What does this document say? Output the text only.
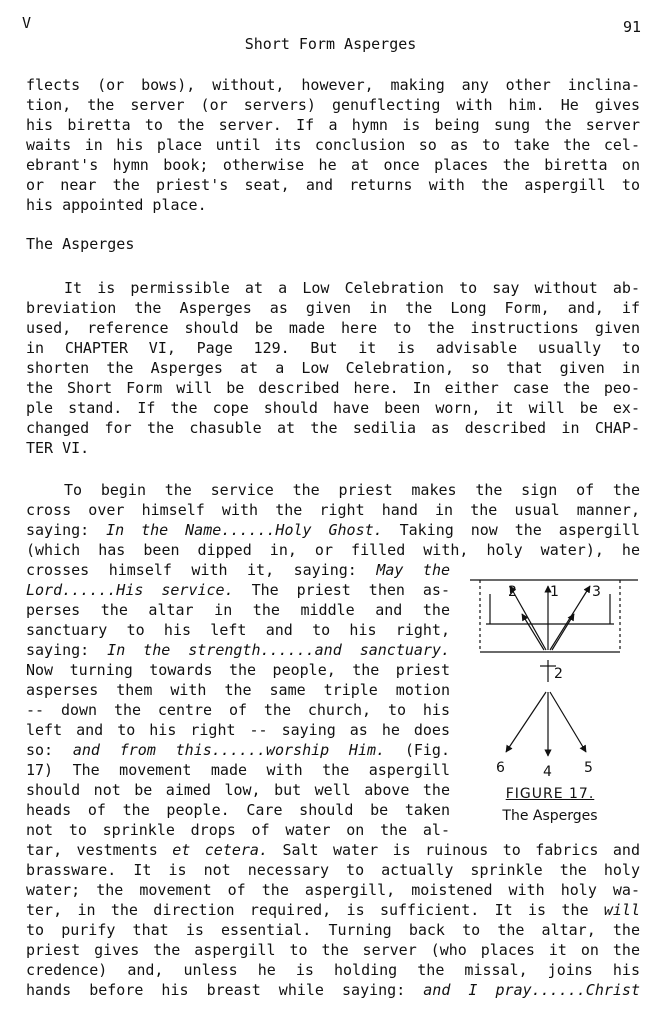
V	91
Short Form Asperges
flects (or bows), without, however, making any other inclina-
tion, the server (or servers) genuflecting with him. He gives
his biretta to the server. If a hymn is being sung the server
waits in his place until its conclusion so as to take the cel-
ebrant's hymn book; otherwise he at once places the biretta on
or near the priest's seat, and returns with the aspergill to
his appointed place.
The Asperges
It is permissible at a Low Celebration to say without ab-
breviation the Asperges as given in the Long Form, and, if
used, reference should be made here to the instructions given
in CHAPTER VI, Page 129. But it is advisable usually to
shorten the Asperges at a Low Celebration, so that given in
the Short Form will be described here. In either case the peo-
ple stand. If the cope should have been worn, it will be ex-
changed for the chasuble at the sedilia as described in CHAP-
TER VI.
To begin the service the priest makes the sign of the
cross over himself with the right hand in the usual manner,
saying: In the Name......Holy Ghost. Taking now the aspergill
(which has been dipped in, or filled with, holy water), he
crosses himself with it, saying: May the
Lord......His service. The priest then as-
perses the altar in the middle and the
sanctuary to his left and to his right,
saying: In the strength......and sanctuary.
Now turning towards the people, the priest
asperses them with the same triple motion
-- down the centre of the church, to his
left and to his right -- saying as he does
so: and from this......worship Him. (Fig.
17) The movement made with the aspergill
should not be aimed low, but well above the
heads of the people. Care should be taken
not to sprinkle drops of water on the al-
tar, vestments et cetera. Salt water is ruinous to fabrics and
brassware. It is not necessary to actually sprinkle the holy
water; the movement of the aspergill, moistened with holy wa-
ter, in the direction required, is sufficient. It is the will
to purify that is essential. Turning back to the altar, the
priest gives the aspergill to the server (who places it on the
credence) and, unless he is holding the missal, joins his
hands before his breast while saying: and I pray......Christ
2 1 3
2
6	4 5
FIGURE 17.
The Asperges
